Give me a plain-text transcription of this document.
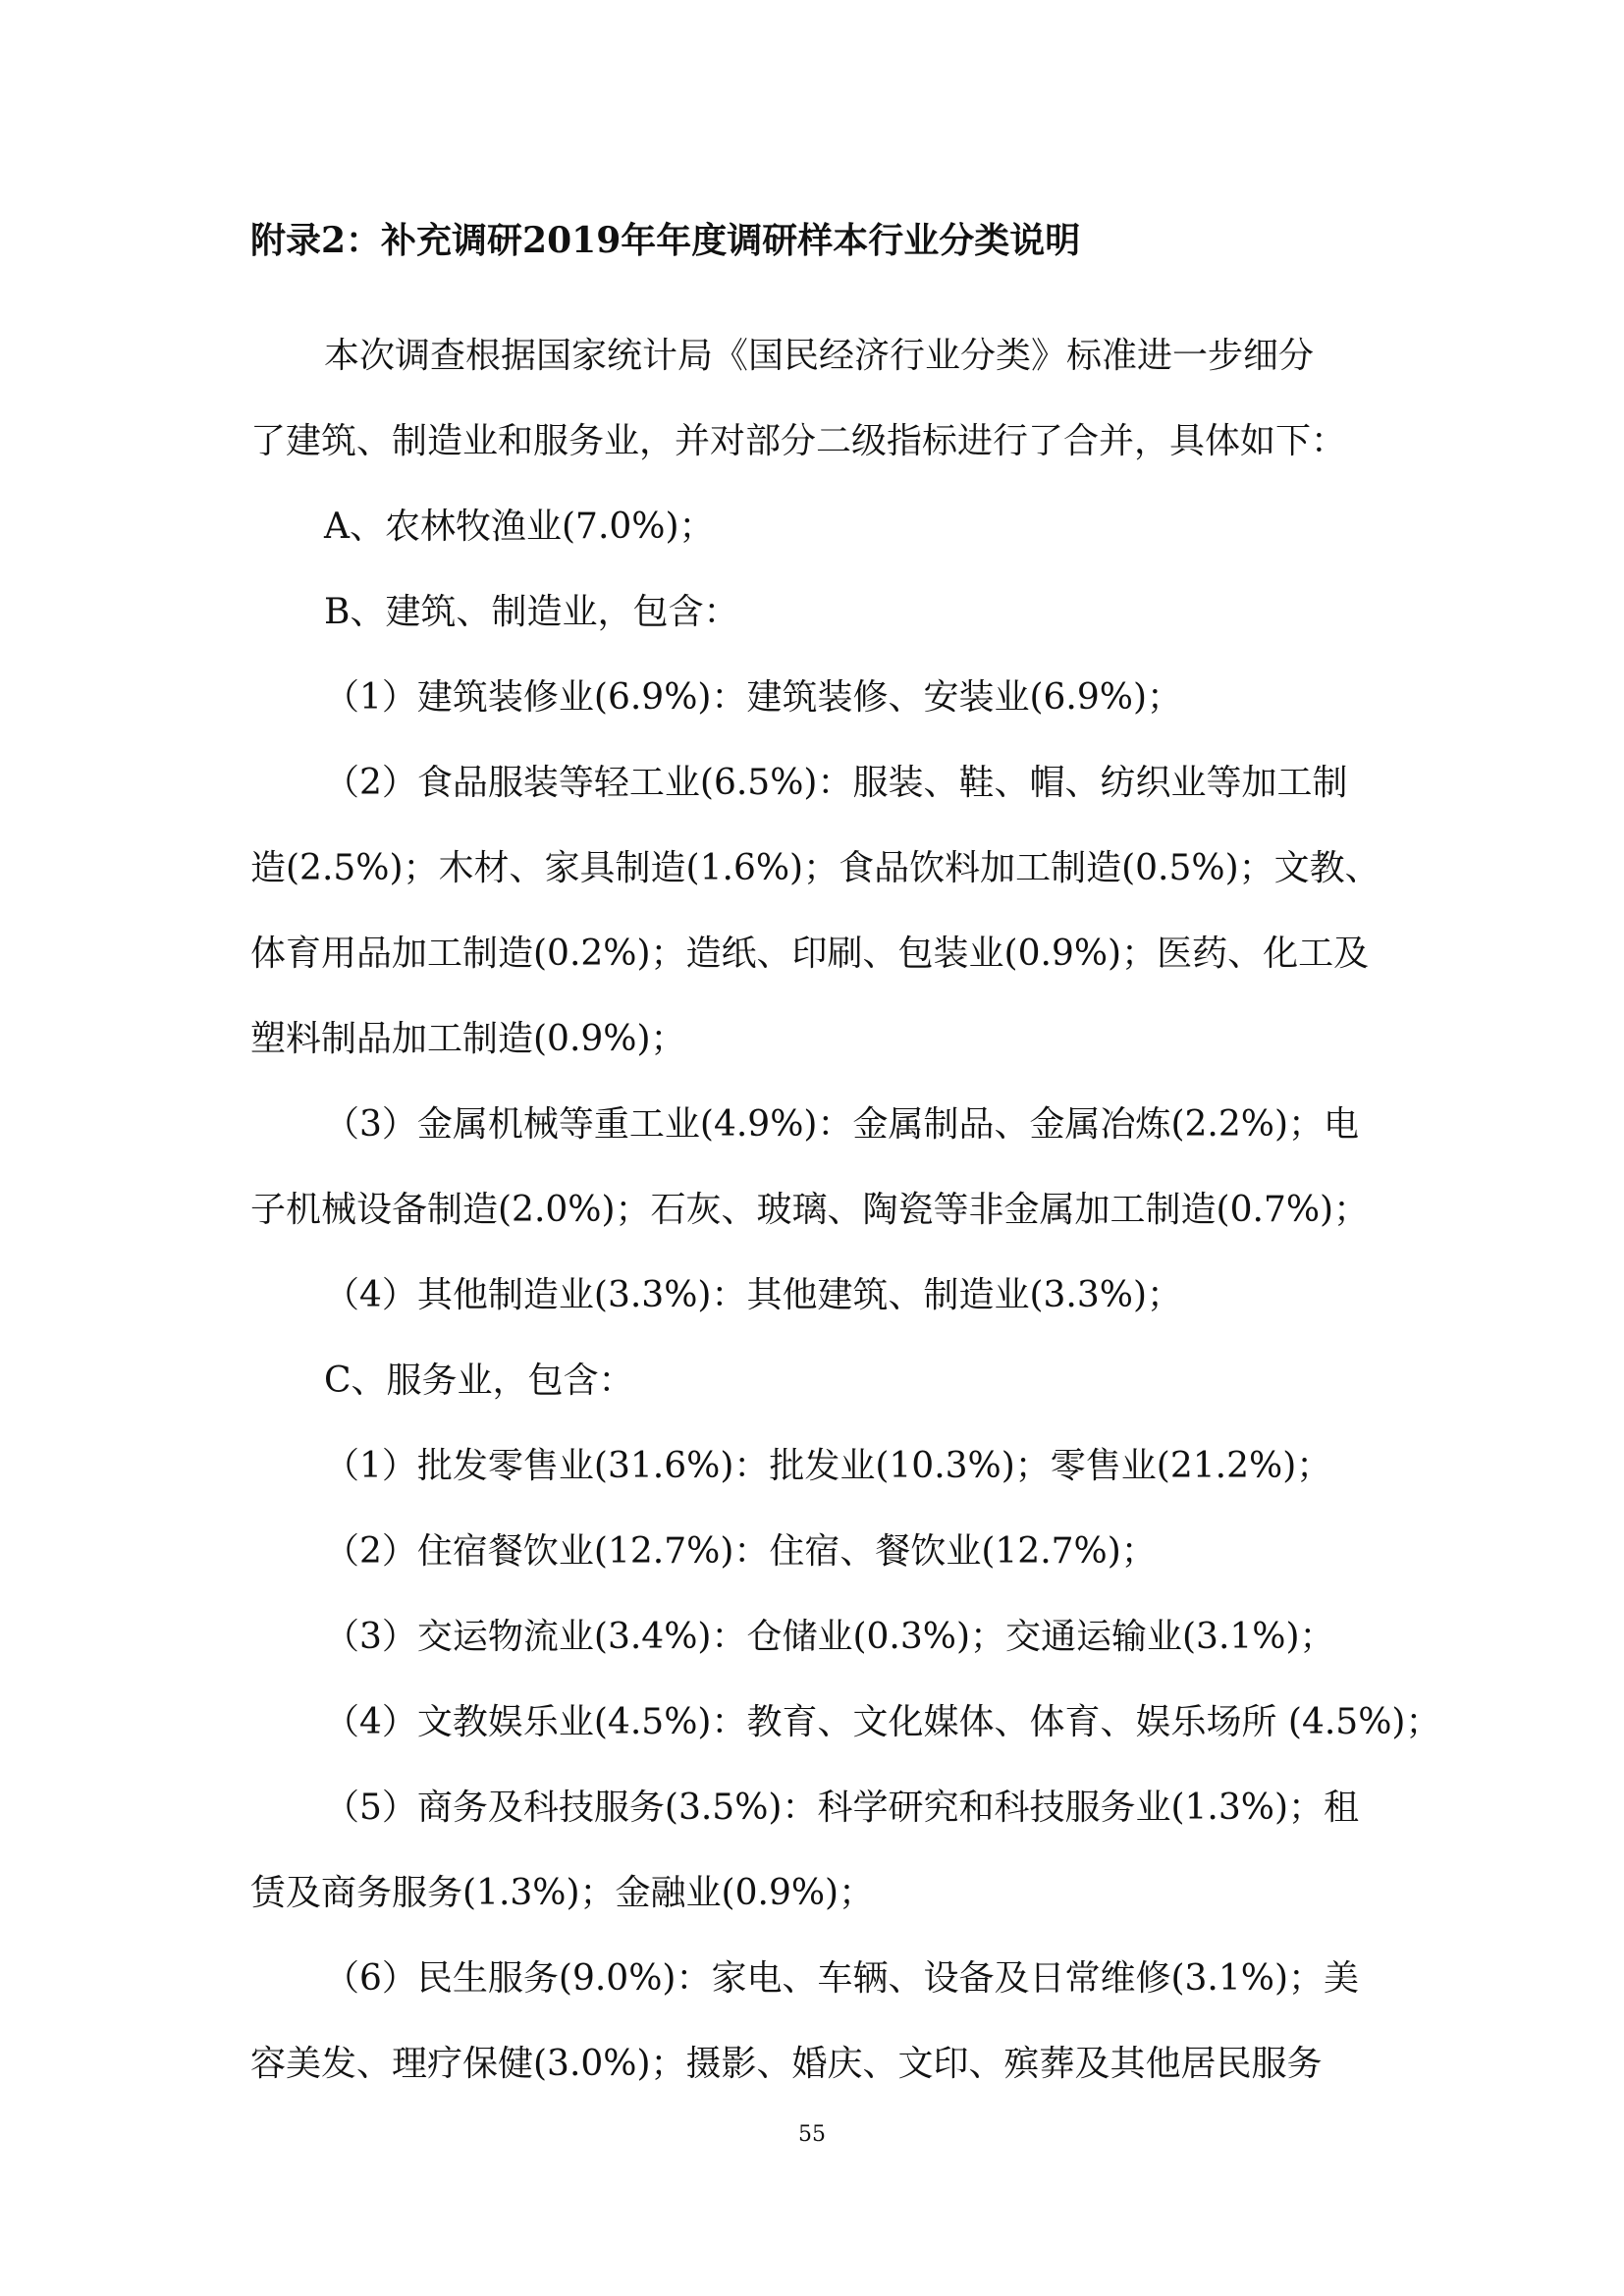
附录2：补充调研2019年年度调研样本行业分类说明
本次调查根据国家统计局《国民经济行业分类》标准进一步细分
了建筑、制造业和服务业，并对部分二级指标进行了合并，具体如下：
A、农林牧渔业(7.0%)；
B、建筑、制造业，包含：
（1）建筑装修业(6.9%)：建筑装修、安装业(6.9%)；
（2）食品服装等轻工业(6.5%)：服装、鞋、帽、纺织业等加工制
造(2.5%)；木材、家具制造(1.6%)；食品饮料加工制造(0.5%)；文教、
体育用品加工制造(0.2%)；造纸、印刷、包装业(0.9%)；医药、化工及
塑料制品加工制造(0.9%)；
（3）金属机械等重工业(4.9%)：金属制品、金属冶炼(2.2%)；电
子机械设备制造(2.0%)；石灰、玻璃、陶瓷等非金属加工制造(0.7%)；
（4）其他制造业(3.3%)：其他建筑、制造业(3.3%)；
C、服务业，包含：
（1）批发零售业(31.6%)：批发业(10.3%)；零售业(21.2%)；
（2）住宿餐饮业(12.7%)：住宿、餐饮业(12.7%)；
（3）交运物流业(3.4%)：仓储业(0.3%)；交通运输业(3.1%)；
（4）文教娱乐业(4.5%)：教育、文化媒体、体育、娱乐场所 (4.5%)；
（5）商务及科技服务(3.5%)：科学研究和科技服务业(1.3%)；租
赁及商务服务(1.3%)；金融业(0.9%)；
（6）民生服务(9.0%)：家电、车辆、设备及日常维修(3.1%)；美
容美发、理疗保健(3.0%)；摄影、婚庆、文印、殡葬及其他居民服务
55
